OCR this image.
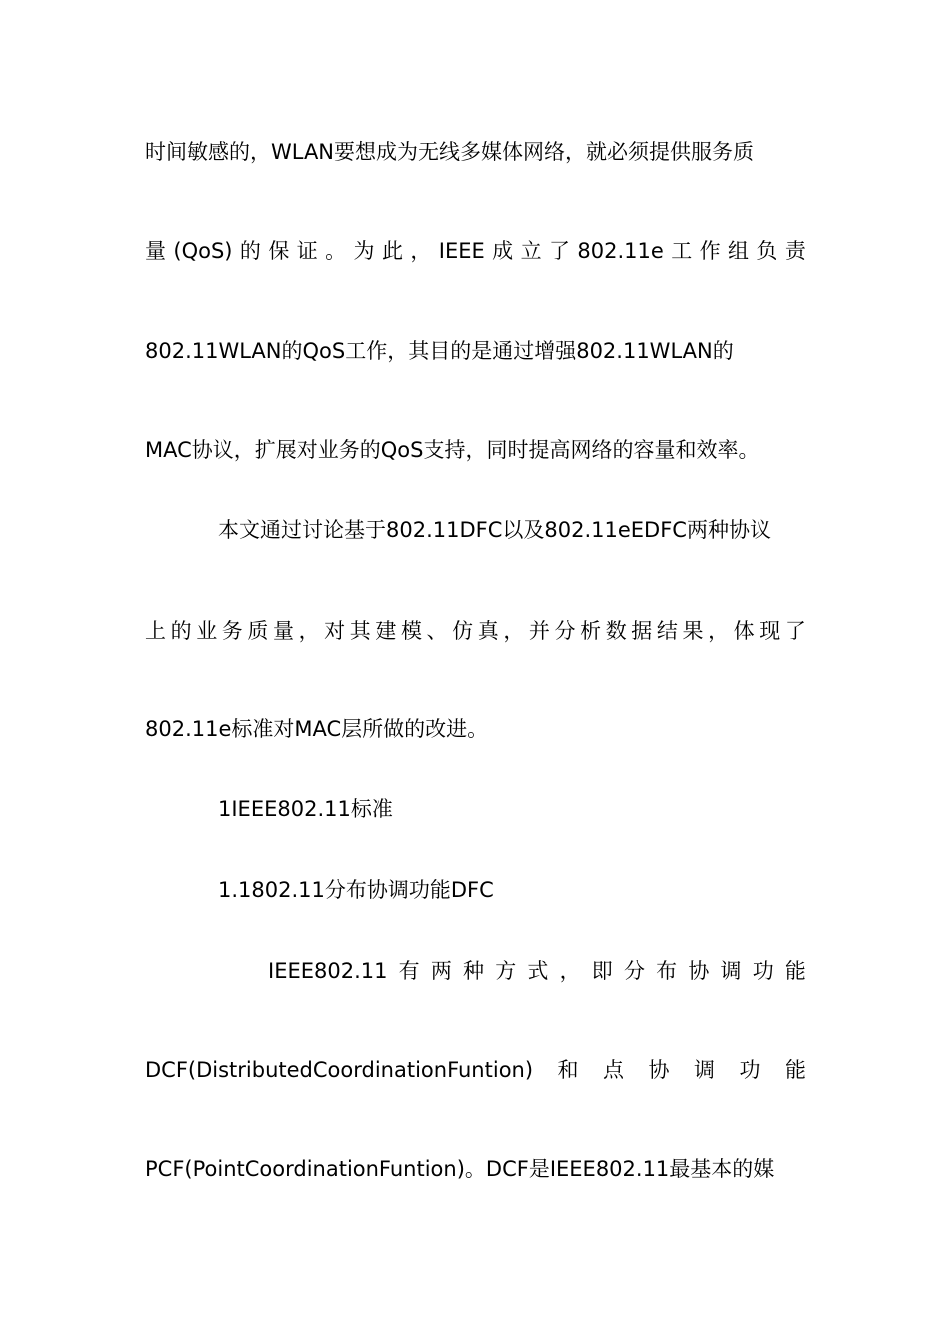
时间敏感的，WLAN要想成为无线多媒体网络，就必须提供服务质
量 (QoS) 的 保 证 。 为 此 ， IEEE 成 立 了 802.11e 工 作 组 负 责
802.11WLAN的QoS工作，其目的是通过增强802.11WLAN的
MAC协议，扩展对业务的QoS支持，同时提高网络的容量和效率。
本文通过讨论基于802.11DFC以及802.11eEDFC两种协议
上 的 业 务 质 量 ， 对 其 建 模 、 仿 真 ， 并 分 析 数 据 结 果 ， 体 现 了
802.11e标准对MAC层所做的改进。
1IEEE802.11标准
1.1802.11分布协调功能DFC
IEEE802.11 有 两 种 方 式 ， 即 分 布 协 调 功 能
DCF(DistributedCoordinationFuntion) 和 点 协 调 功 能
PCF(PointCoordinationFuntion)。DCF是IEEE802.11最基本的媒
